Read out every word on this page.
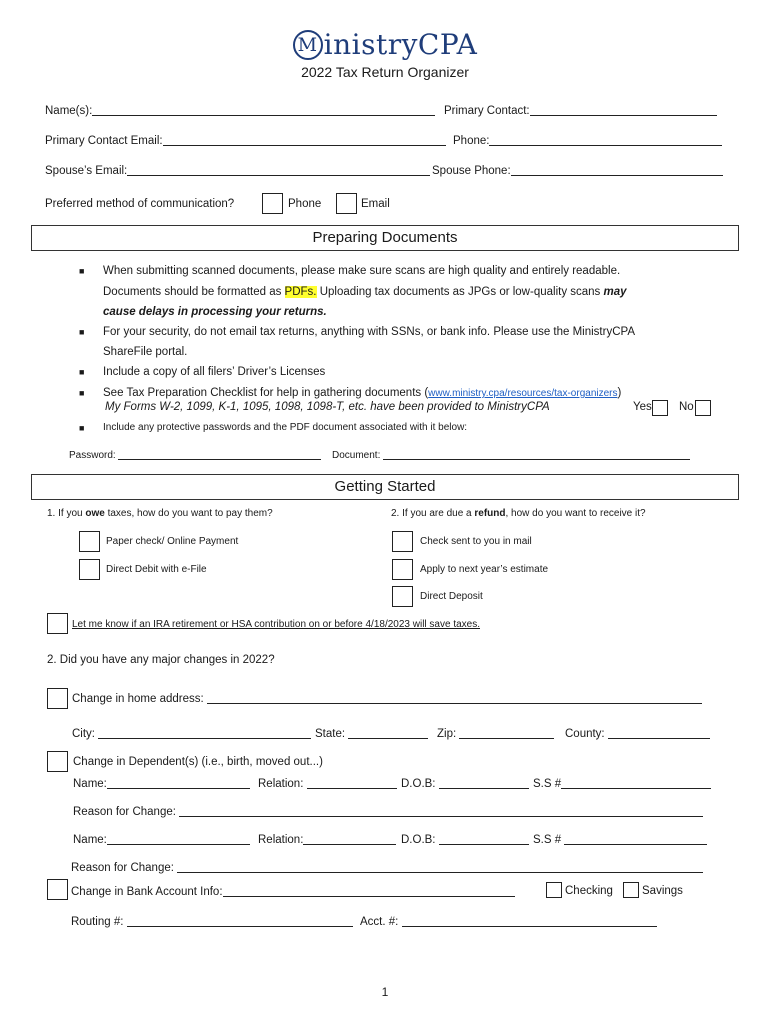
M inistryCPA
2022 Tax Return Organizer
Name(s):	Primary Contact:
Primary Contact Email:	Phone:
Spouse’s Email:	Spouse Phone:
Preferred method of communication?	Phone	Email
Preparing Documents
■ When submitting scanned documents, please make sure scans are high quality and entirely readable.
Documents should be formatted as PDFs. Uploading tax documents as JPGs or low-quality scans may
cause delays in processing your returns.
■ For your security, do not email tax returns, anything with SSNs, or bank info. Please use the MinistryCPA
ShareFile portal.
■ Include a copy of all filers’ Driver’s Licenses
■ See Tax Preparation Checklist for help in gathering documents (www.ministry.cpa/resources/tax-organizers)
My Forms W-2, 1099, K-1, 1095, 1098, 1098-T, etc. have been provided to MinistryCPA	Yes No
■ Include any protective passwords and the PDF document associated with it below:
Password:	Document:
Getting Started
1. If you owe taxes, how do you want to pay them?	2. If you are due a refund, how do you want to receive it?
Paper check/ Online Payment
Direct Debit with e-File
Check sent to you in mail
Apply to next year’s estimate
Direct Deposit
Let me know if an IRA retirement or HSA contribution on or before 4/18/2023 will save taxes.
2. Did you have any major changes in 2022?
Change in home address:
City:	State:	Zip:	County:
Change in Dependent(s) (i.e., birth, moved out...)
Name:	Relation:	D.O.B:	S.S #
Reason for Change:
Name:	Relation:	D.O.B:	S.S #
Reason for Change:
Change in Bank Account Info:	Checking	Savings
Routing #:	Acct. #:
1
